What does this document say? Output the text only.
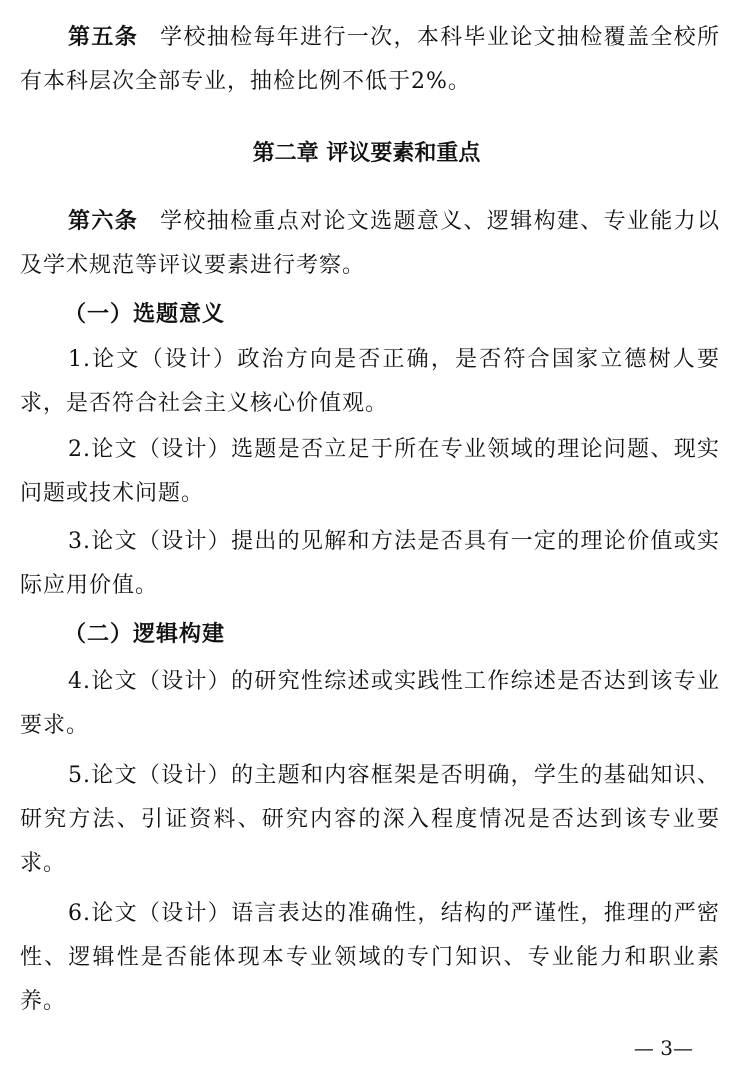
第五条 学校抽检每年进行一次，本科毕业论文抽检覆盖全校所有本科层次全部专业，抽检比例不低于2%。

第二章 评议要素和重点

第六条 学校抽检重点对论文选题意义、逻辑构建、专业能力以及学术规范等评议要素进行考察。

（一）选题意义

1.论文（设计）政治方向是否正确，是否符合国家立德树人要求，是否符合社会主义核心价值观。

2.论文（设计）选题是否立足于所在专业领域的理论问题、现实问题或技术问题。

3.论文（设计）提出的见解和方法是否具有一定的理论价值或实际应用价值。

（二）逻辑构建

4.论文（设计）的研究性综述或实践性工作综述是否达到该专业要求。

5.论文（设计）的主题和内容框架是否明确，学生的基础知识、研究方法、引证资料、研究内容的深入程度情况是否达到该专业要求。

6.论文（设计）语言表达的准确性，结构的严谨性，推理的严密性、逻辑性是否能体现本专业领域的专门知识、专业能力和职业素养。

— 3—
